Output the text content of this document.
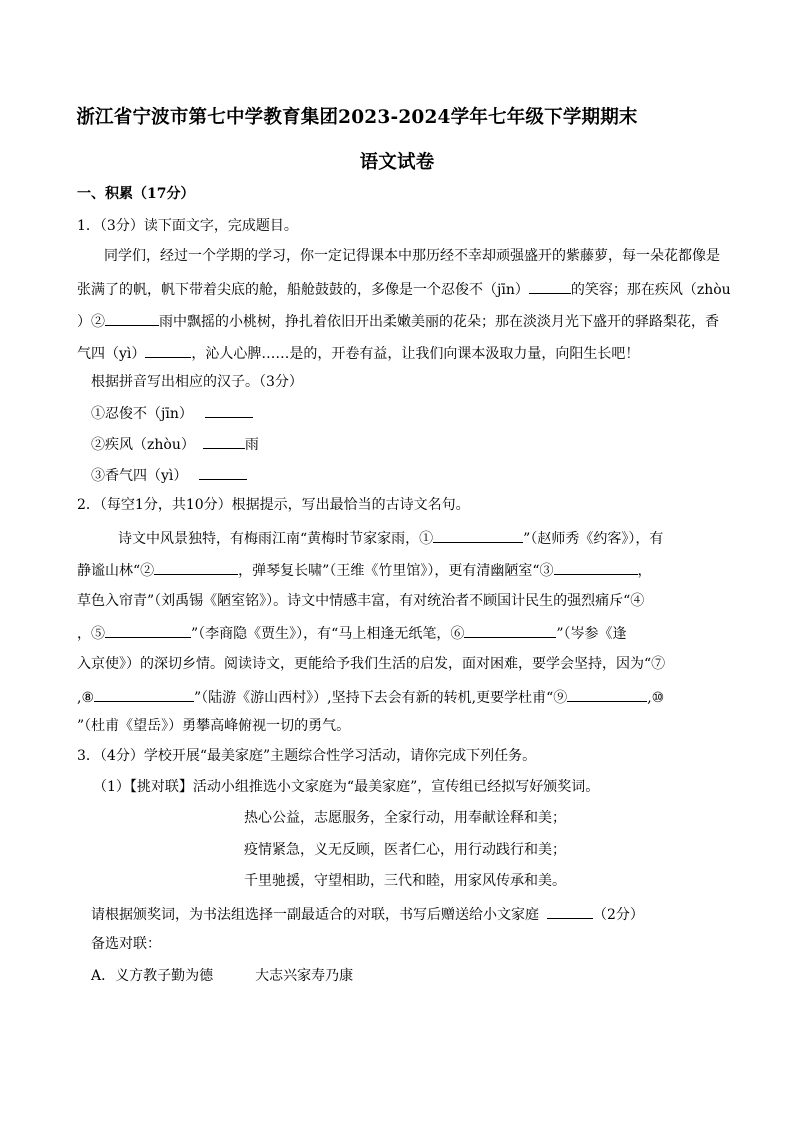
浙江省宁波市第七中学教育集团2023-2024学年七年级下学期期末
语文试卷
一、积累（17分）
1．（3分）读下面文字，完成题目。
同学们，经过一个学期的学习，你一定记得课本中那历经不幸却顽强盛开的紫藤萝，每一朵花都像是
张满了的帆，帆下带着尖底的舱，船舱鼓鼓的，多像是一个忍俊不（jīn）	的笑容；那在疾风（zhòu
）②	雨中飘摇的小桃树，挣扎着依旧开出柔嫩美丽的花朵；那在淡淡月光下盛开的驿路梨花，香
气四（yì）	，沁人心脾……是的，开卷有益，让我们向课本汲取力量，向阳生长吧！
根据拼音写出相应的汉子。（3分）
①忍俊不（jīn）
②疾风（zhòu）	雨
③香气四（yì）
2．（每空1分，共10分）根据提示，写出最恰当的古诗文名句。
诗文中风景独特，有梅雨江南“黄梅时节家家雨，①	”（赵师秀《约客》），有
静谧山林“②	，弹琴复长啸”（王维《竹里馆》），更有清幽陋室“③	，
草色入帘青”（刘禹锡《陋室铭》）。诗文中情感丰富，有对统治者不顾国计民生的强烈痛斥“④
，⑤	”（李商隐《贾生》），有“马上相逢无纸笔，⑥	”（岑参《逢
入京使》）的深切乡情。阅读诗文，更能给予我们生活的启发，面对困难，要学会坚持，因为“⑦
,⑧	”（陆游《游山西村》）,坚持下去会有新的转机,更要学杜甫“⑨	,⑩
”（杜甫《望岳》）勇攀高峰俯视一切的勇气。
3．（4分）学校开展“最美家庭”主题综合性学习活动，请你完成下列任务。
（1）【挑对联】活动小组推选小文家庭为“最美家庭”，宣传组已经拟写好颁奖词。
热心公益，志愿服务，全家行动，用奉献诠释和美；
疫情紧急，义无反顾，医者仁心，用行动践行和美；
千里驰援，守望相助，三代和睦，用家风传承和美。
请根据颁奖词，为书法组选择一副最适合的对联，书写后赠送给小文家庭	（2分）
备选对联：
A．义方教子勤为德	大志兴家寿乃康
